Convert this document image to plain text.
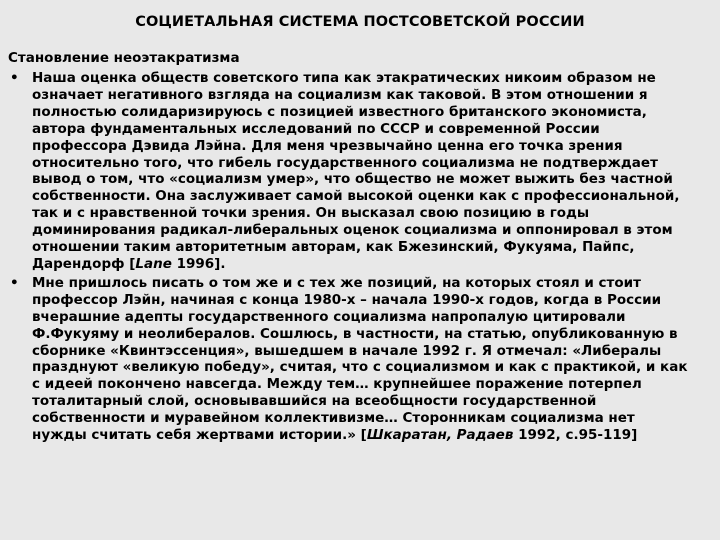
СОЦИЕТАЛЬНАЯ СИСТЕМА ПОСТСОВЕТСКОЙ РОССИИ
Становление неоэтакратизма
• Наша оценка обществ советского типа как этакратических никоим образом не означает негативного взгляда на социализм как таковой. В этом отношении я полностью солидаризируюсь с позицией известного британского экономиста, автора фундаментальных исследований по СССР и современной России профессора Дэвида Лэйна. Для меня чрезвычайно ценна его точка зрения относительно того, что гибель государственного социализма не подтверждает вывод о том, что «социализм умер», что общество не может выжить без частной собственности. Она заслуживает самой высокой оценки как с профессиональной, так и с нравственной точки зрения. Он высказал свою позицию в годы доминирования радикал-либеральных оценок социализма и оппонировал в этом отношении таким авторитетным авторам, как Бжезинский, Фукуяма, Пайпс, Дарендорф [Lane 1996].
• Мне пришлось писать о том же и с тех же позиций, на которых стоял и стоит профессор Лэйн, начиная с конца 1980-х – начала 1990-х годов, когда в России вчерашние адепты государственного социализма напропалую цитировали Ф.Фукуяму и неолибералов. Сошлюсь, в частности, на статью, опубликованную в сборнике «Квинтэссенция», вышедшем в начале 1992 г. Я отмечал: «Либералы празднуют «великую победу», считая, что с социализмом и как с практикой, и как с идеей покончено навсегда. Между тем… крупнейшее поражение потерпел тоталитарный слой, основывавшийся на всеобщности государственной собственности и муравейном коллективизме… Сторонникам социализма нет нужды считать себя жертвами истории.» [Шкаратан, Радаев 1992, с.95-119]
